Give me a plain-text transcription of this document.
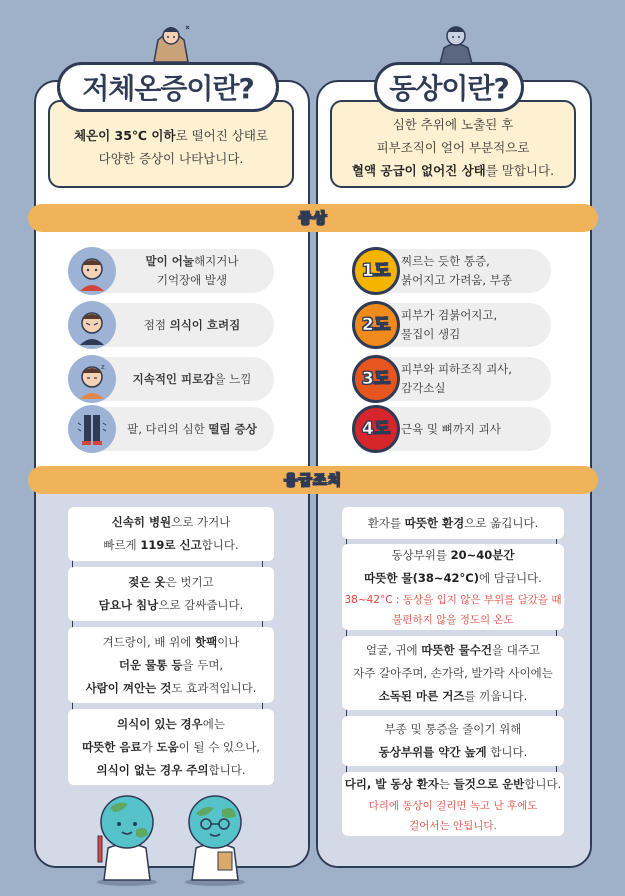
저체온증이란?	동상이란?
체온이 35℃ 이하로 떨어진 상태로
다양한 증상이 나타납니다.
심한 추위에 노출된 후
피부조직이 얼어 부분적으로
혈액 공급이 없어진 상태를 말합니다.
증상
말이 어눌해지거나
기억장애 발생
점점 의식이 흐려짐
z
지속적인 피로감을 느낌
팔, 다리의 심한 떨림 증상
1도 찌르는 듯한 통증,
붉어지고 가려움, 부종
2도 피부가 검붉어지고,
물집이 생김
3도 피부와 피하조직 괴사,
감각소실
4도 근육 및 뼈까지 괴사
응급조치
신속히 병원으로 가거나
빠르게 119로 신고합니다.
젖은 옷은 벗기고
담요나 침낭으로 감싸줍니다.
겨드랑이, 배 위에 핫팩이나
더운 물통 등을 두며,
사람이 껴안는 것도 효과적입니다.
의식이 있는 경우에는
따뜻한 음료가 도움이 될 수 있으나,
의식이 없는 경우 주의합니다.
환자를 따뜻한 환경으로 옮깁니다.
동상부위를 20~40분간
따뜻한 물(38~42°C)에 담급니다.
38~42°C : 동상을 입지 않은 부위를 담갔을 때
불편하지 않을 정도의 온도
얼굴, 귀에 따뜻한 물수건을 대주고
자주 갈아주며, 손가락, 발가락 사이에는
소독된 마른 거즈를 끼웁니다.
부종 및 통증을 줄이기 위해
동상부위를 약간 높게 합니다.
다리, 발 동상 환자는 들것으로 운반합니다.
다리에 동상이 걸리면 녹고 난 후에도
걸어서는 안됩니다.
